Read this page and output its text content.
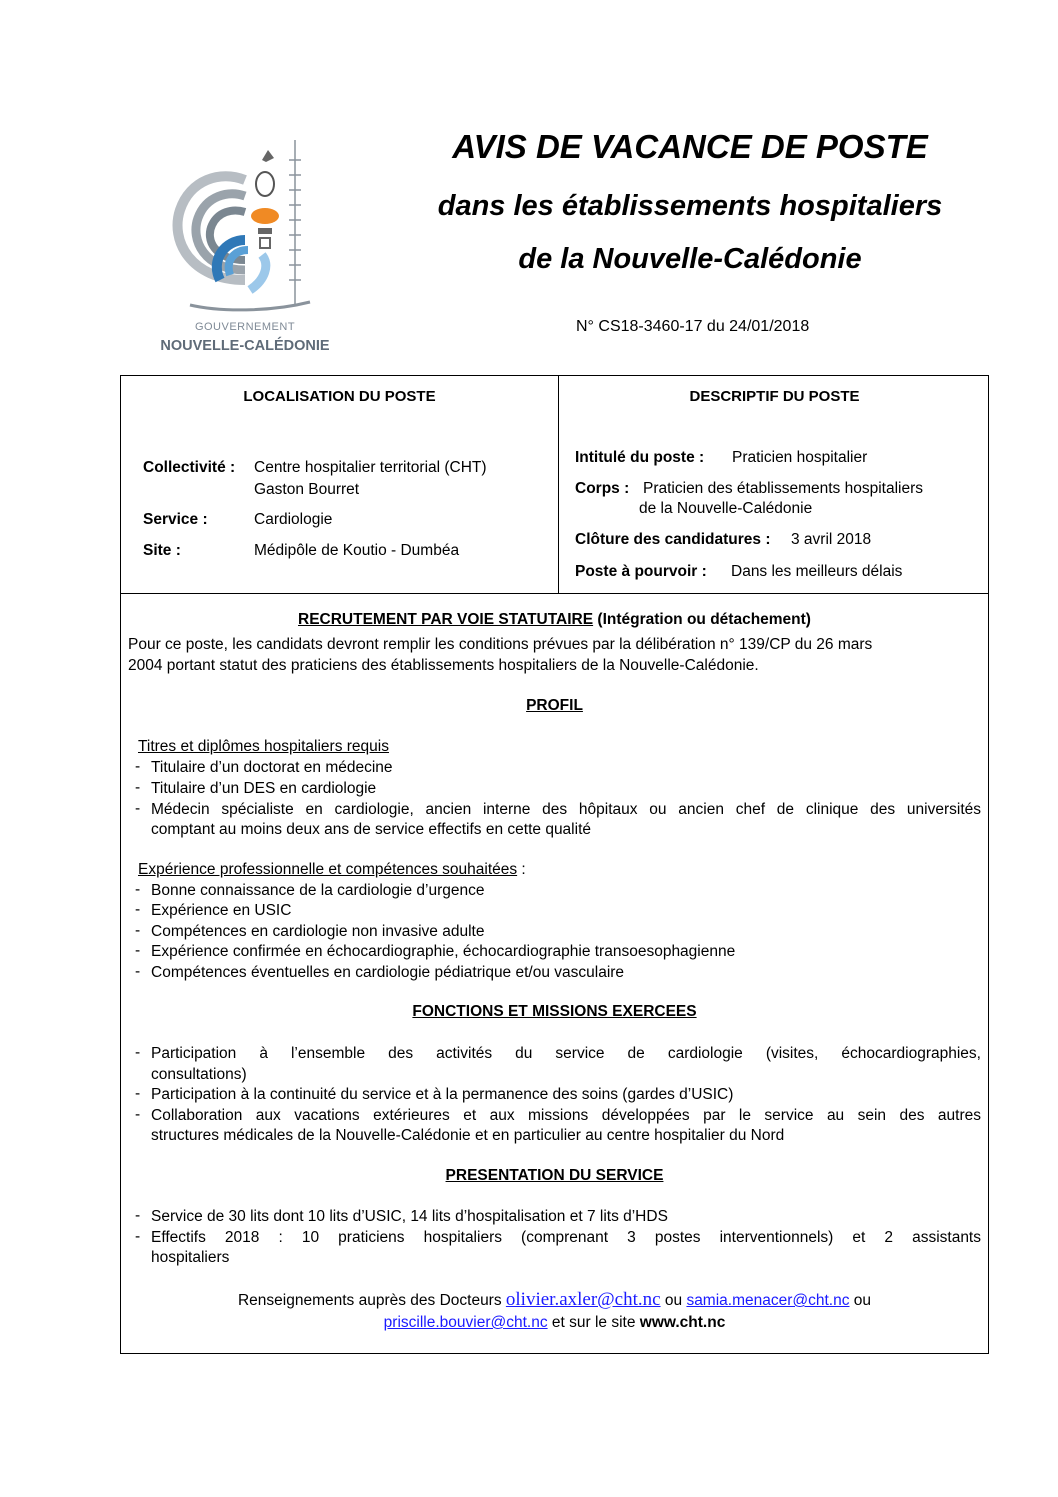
GOUVERNEMENT
NOUVELLE-CALÉDONIE
AVIS DE VACANCE DE POSTE
dans les établissements hospitaliers
de la Nouvelle-Calédonie
N° CS18-3460-17 du 24/01/2018
LOCALISATION DU POSTE
Collectivité : Centre hospitalier territorial (CHT)
Gaston Bourret
Service :	Cardiologie
Site :	Médipôle de Koutio - Dumbéa
DESCRIPTIF DU POSTE
Intitulé du poste : Praticien hospitalier
Corps : Praticien des établissements hospitaliers
de la Nouvelle-Calédonie
Clôture des candidatures : 3 avril 2018
Poste à pourvoir : Dans les meilleurs délais
RECRUTEMENT PAR VOIE STATUTAIRE (Intégration ou détachement)
Pour ce poste, les candidats devront remplir les conditions prévues par la délibération n° 139/CP du 26 mars
2004 portant statut des praticiens des établissements hospitaliers de la Nouvelle-Calédonie.
PROFIL
Titres et diplômes hospitaliers requis
- Titulaire d’un doctorat en médecine
- Titulaire d’un DES en cardiologie
- Médecin spécialiste en cardiologie, ancien interne des hôpitaux ou ancien chef de clinique des universités
comptant au moins deux ans de service effectifs en cette qualité
Expérience professionnelle et compétences souhaitées :
- Bonne connaissance de la cardiologie d’urgence
- Expérience en USIC
- Compétences en cardiologie non invasive adulte
- Expérience confirmée en échocardiographie, échocardiographie transoesophagienne
- Compétences éventuelles en cardiologie pédiatrique et/ou vasculaire
FONCTIONS ET MISSIONS EXERCEES
- Participation à l’ensemble des activités du service de cardiologie (visites, échocardiographies,
consultations)
- Participation à la continuité du service et à la permanence des soins (gardes d’USIC)
- Collaboration aux vacations extérieures et aux missions développées par le service au sein des autres
structures médicales de la Nouvelle-Calédonie et en particulier au centre hospitalier du Nord
PRESENTATION DU SERVICE
- Service de 30 lits dont 10 lits d’USIC, 14 lits d’hospitalisation et 7 lits d’HDS
- Effectifs 2018 : 10 praticiens hospitaliers (comprenant 3 postes interventionnels) et 2 assistants
hospitaliers
Renseignements auprès des Docteurs olivier.axler@cht.nc ou samia.menacer@cht.nc ou
priscille.bouvier@cht.nc et sur le site www.cht.nc
